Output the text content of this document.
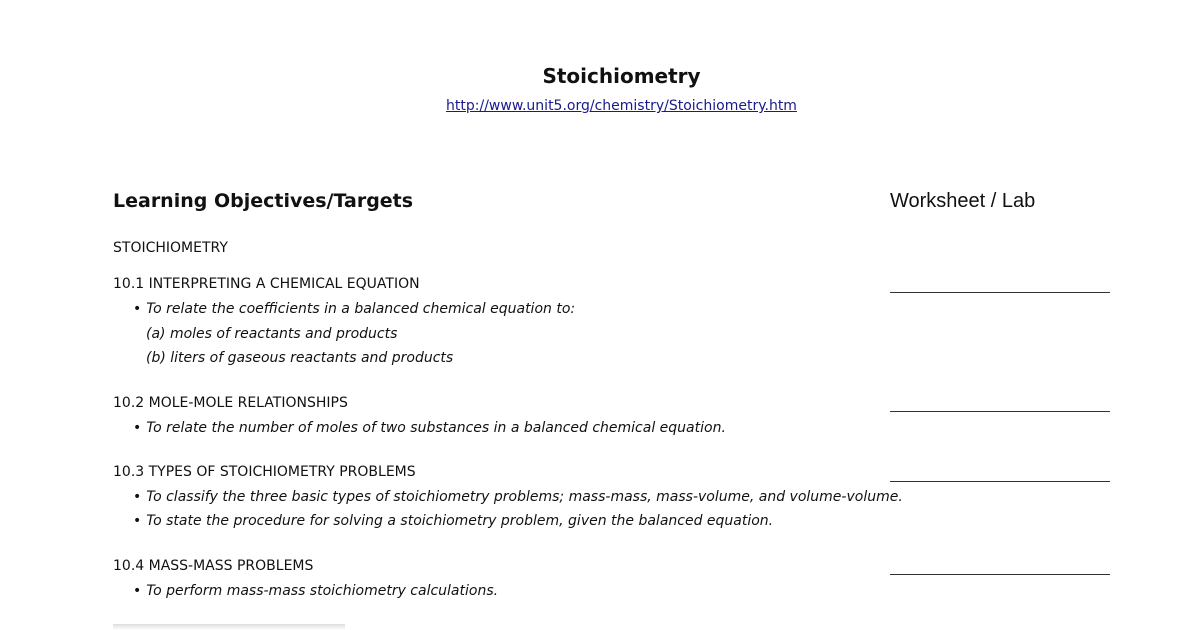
Stoichiometry
http://www.unit5.org/chemistry/Stoichiometry.htm
Learning Objectives/Targets	Worksheet / Lab
STOICHIOMETRY
10.1 INTERPRETING A CHEMICAL EQUATION
• To relate the coefficients in a balanced chemical equation to:
(a) moles of reactants and products
(b) liters of gaseous reactants and products
10.2 MOLE-MOLE RELATIONSHIPS
• To relate the number of moles of two substances in a balanced chemical equation.
10.3 TYPES OF STOICHIOMETRY PROBLEMS
• To classify the three basic types of stoichiometry problems; mass-mass, mass-volume, and volume-volume.
• To state the procedure for solving a stoichiometry problem, given the balanced equation.
10.4 MASS-MASS PROBLEMS
• To perform mass-mass stoichiometry calculations.
